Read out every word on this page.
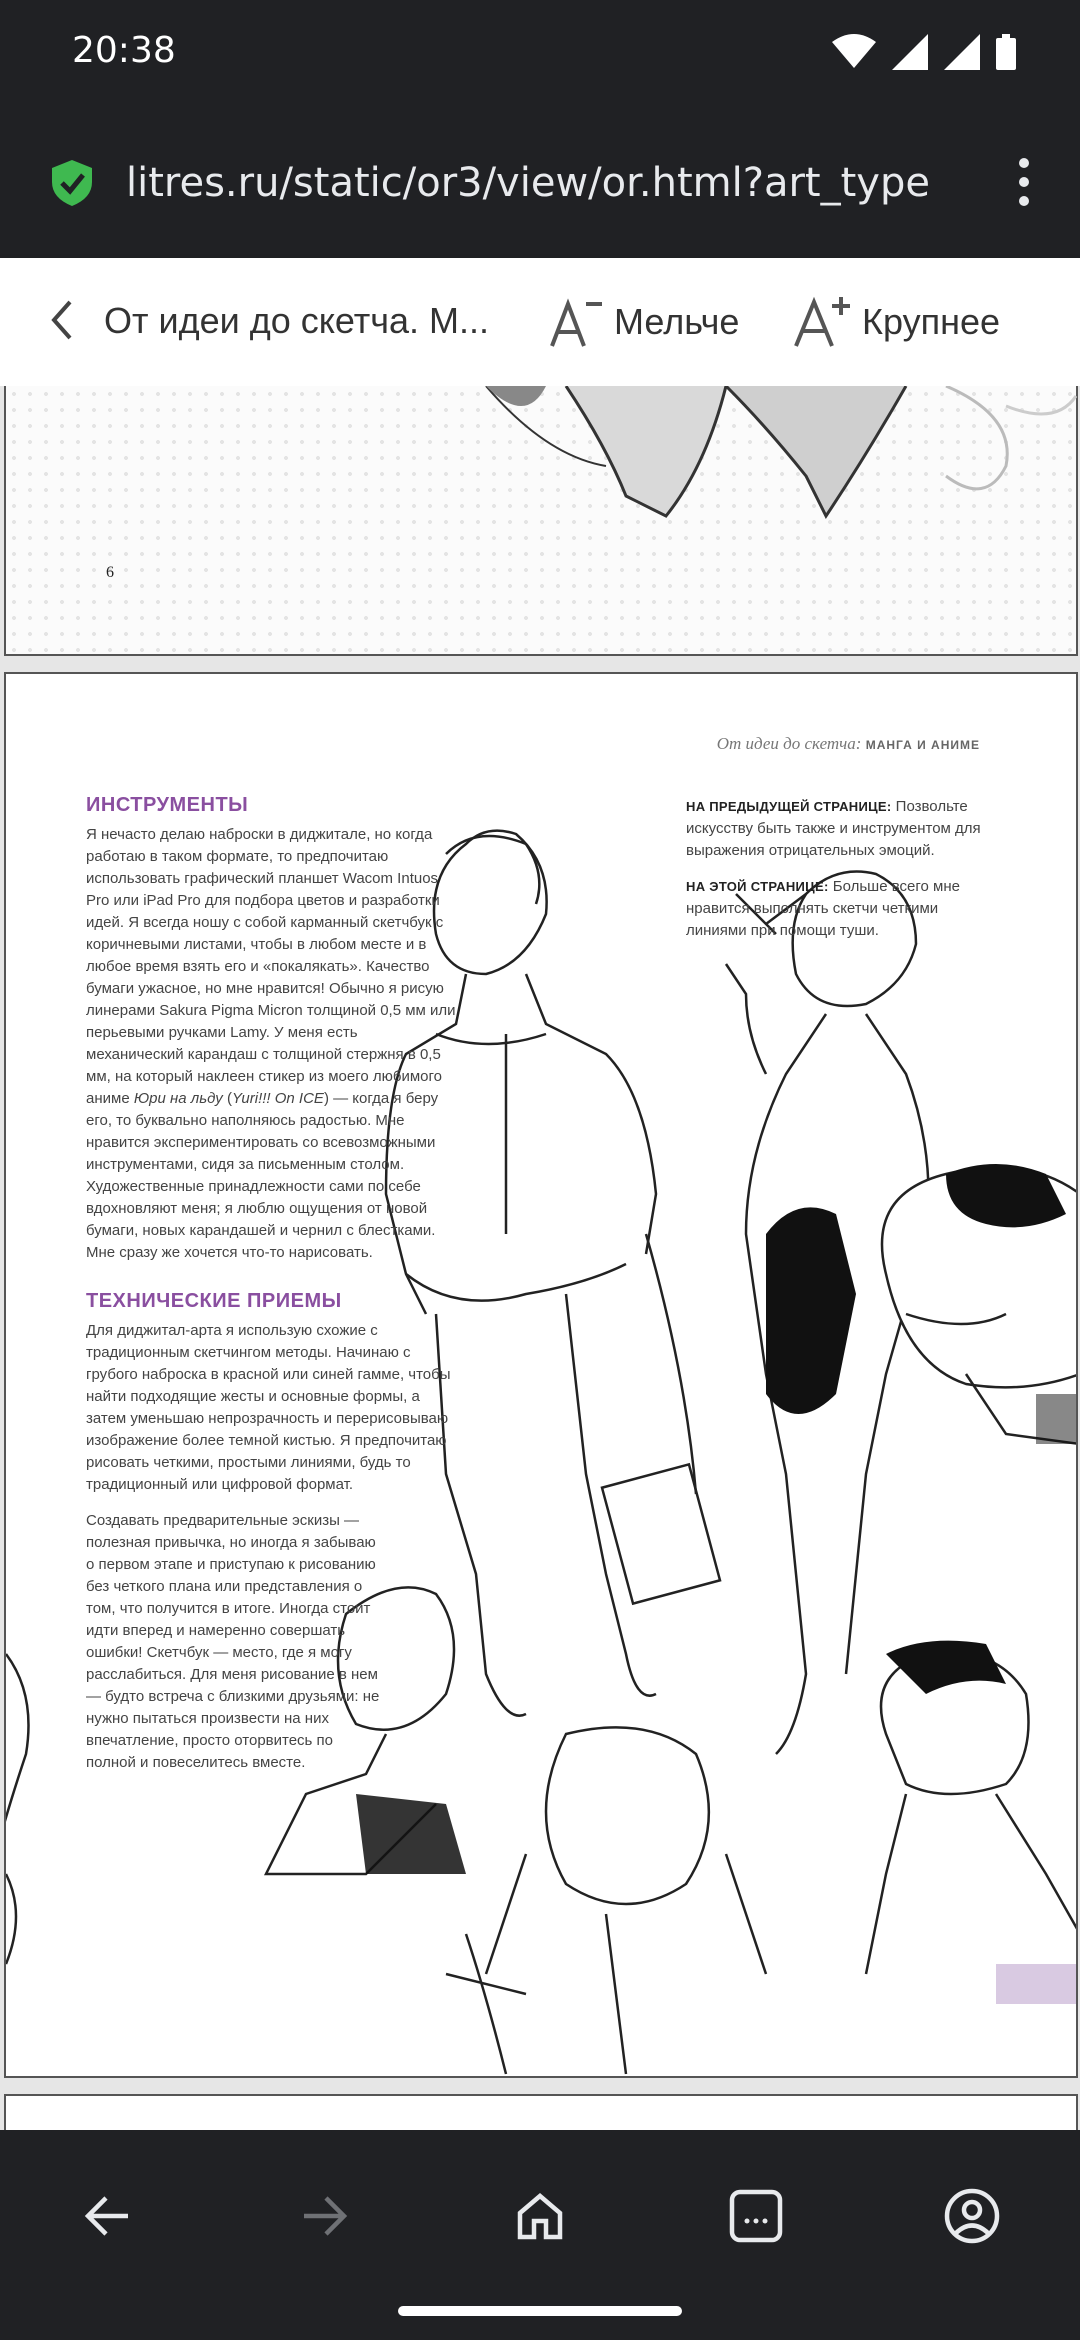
20:38
litres.ru/static/or3/view/or.html?art_type
От идеи до скетча. М...	Мельче	Крупнее
6
От идеи до скетча: МАНГА И АНИМЕ
ИНСТРУМЕНТЫ
Я нечасто делаю наброски в диджитале, но когда работаю в таком формате, то предпочитаю использовать графический планшет Wacom Intuos Pro или iPad Pro для подбора цветов и разработки идей. Я всегда ношу с собой карманный скетчбук с коричневыми листами, чтобы в любом месте и в любое время взять его и «покалякать». Качество бумаги ужасное, но мне нравится! Обычно я рисую линерами Sakura Pigma Micron толщиной 0,5 мм или перьевыми ручками Lamy. У меня есть механический карандаш с толщиной стержня в 0,5 мм, на который наклеен стикер из моего любимого аниме Юри на льду (Yuri!!! On ICE) — когда я беру его, то буквально наполняюсь радостью. Мне нравится экспериментировать со всевозможными инструментами, сидя за письменным столом. Художественные принадлежности сами по себе вдохновляют меня; я люблю ощущения от новой бумаги, новых карандашей и чернил с блестками. Мне сразу же хочется что-то нарисовать.
ТЕХНИЧЕСКИЕ ПРИЕМЫ
Для диджитал-арта я использую схожие с традиционным скетчингом методы. Начинаю с грубого наброска в красной или синей гамме, чтобы найти подходящие жесты и основные формы, а затем уменьшаю непрозрачность и перерисовываю изображение более темной кистью. Я предпочитаю рисовать четкими, простыми линиями, будь то традиционный или цифровой формат.
Создавать предварительные эскизы — полезная привычка, но иногда я забываю о первом этапе и приступаю к рисованию без четкого плана или представления о том, что получится в итоге. Иногда стоит идти вперед и намеренно совершать ошибки! Скетчбук — место, где я могу расслабиться. Для меня рисование в нем — будто встреча с близкими друзьями: не нужно пытаться произвести на них впечатление, просто оторвитесь по полной и повеселитесь вместе.

НА ПРЕДЫДУЩЕЙ СТРАНИЦЕ: Позвольте искусству быть также и инструментом для выражения отрицательных эмоций.

НА ЭТОЙ СТРАНИЦЕ: Больше всего мне нравится выполнять скетчи четкими линиями при помощи туши.
